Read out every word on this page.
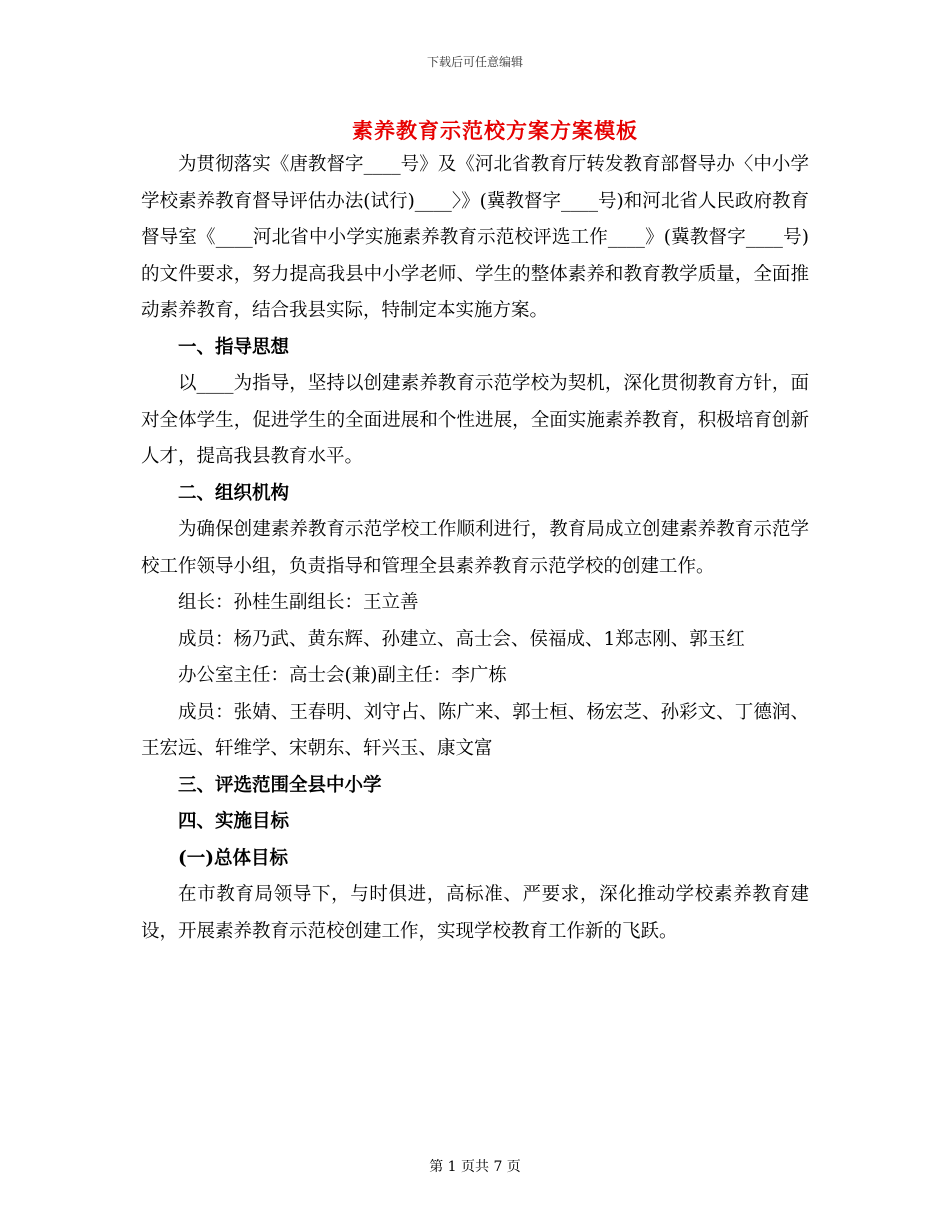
下载后可任意编辑
素养教育示范校方案方案模板

为贯彻落实《唐教督字____号》及《河北省教育厅转发教育部督导办〈中小学学校素养教育督导评估办法(试行)____〉》(冀教督字____号)和河北省人民政府教育督导室《____河北省中小学实施素养教育示范校评选工作____》(冀教督字____号)的文件要求，努力提高我县中小学老师、学生的整体素养和教育教学质量，全面推动素养教育，结合我县实际，特制定本实施方案。

一、指导思想

以____为指导，坚持以创建素养教育示范学校为契机，深化贯彻教育方针，面对全体学生，促进学生的全面进展和个性进展，全面实施素养教育，积极培育创新人才，提高我县教育水平。

二、组织机构

为确保创建素养教育示范学校工作顺利进行，教育局成立创建素养教育示范学校工作领导小组，负责指导和管理全县素养教育示范学校的创建工作。

组长：孙桂生副组长：王立善

成员：杨乃武、黄东辉、孙建立、高士会、侯福成、1郑志刚、郭玉红

办公室主任：高士会(兼)副主任：李广栋

成员：张婧、王春明、刘守占、陈广来、郭士桓、杨宏芝、孙彩文、丁德润、王宏远、轩维学、宋朝东、轩兴玉、康文富

三、评选范围全县中小学

四、实施目标

(一)总体目标

在市教育局领导下，与时俱进，高标准、严要求，深化推动学校素养教育建设，开展素养教育示范校创建工作，实现学校教育工作新的飞跃。

第 1 页共 7 页
